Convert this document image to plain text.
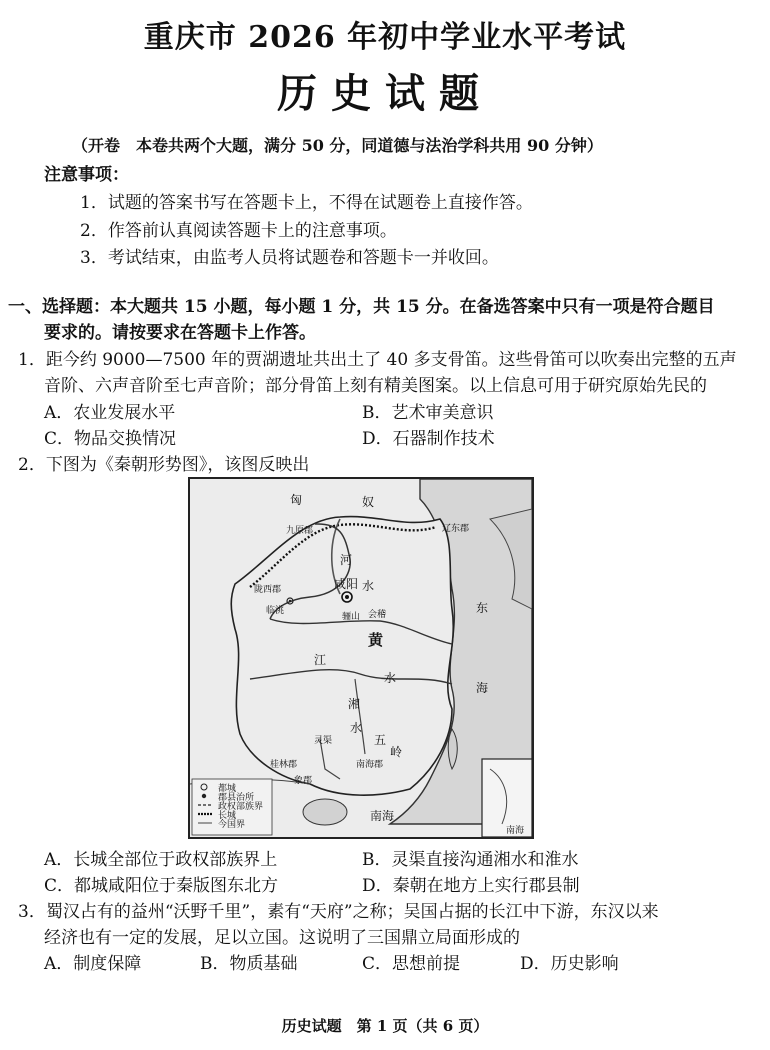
重庆市 2026 年初中学业水平考试
历史试题
（开卷　本卷共两个大题，满分 50 分，同道德与法治学科共用 90 分钟）
注意事项：
1．试题的答案书写在答题卡上，不得在试题卷上直接作答。
2．作答前认真阅读答题卡上的注意事项。
3．考试结束，由监考人员将试题卷和答题卡一并收回。
一、选择题：本大题共 15 小题，每小题 1 分，共 15 分。在备选答案中只有一项是符合题目
要求的。请按要求在答题卡上作答。
1．距今约 9000—7500 年的贾湖遗址共出土了 40 多支骨笛。这些骨笛可以吹奏出完整的五声
音阶、六声音阶至七声音阶；部分骨笛上刻有精美图案。以上信息可用于研究原始先民的
A．农业发展水平	B．艺术审美意识
C．物品交换情况	D．石器制作技术
2．下图为《秦朝形势图》，该图反映出
匈	奴
九原郡	辽东郡
陇西郡
临洮
咸阳
骊山 会稽
河
水
东
黄
海
江
水
湘
五
水
灵渠
桂林郡	南海郡
象郡
南海
岭
南海
都城
郡县治所
政权部族界
长城
今国界
A．长城全部位于政权部族界上	B．灵渠直接沟通湘水和淮水
C．都城咸阳位于秦版图东北方	D．秦朝在地方上实行郡县制
3．蜀汉占有的益州“沃野千里”，素有“天府”之称；吴国占据的长江中下游，东汉以来
经济也有一定的发展，足以立国。这说明了三国鼎立局面形成的
A．制度保障	B．物质基础	C．思想前提	D．历史影响
历史试题　第 1 页（共 6 页）
